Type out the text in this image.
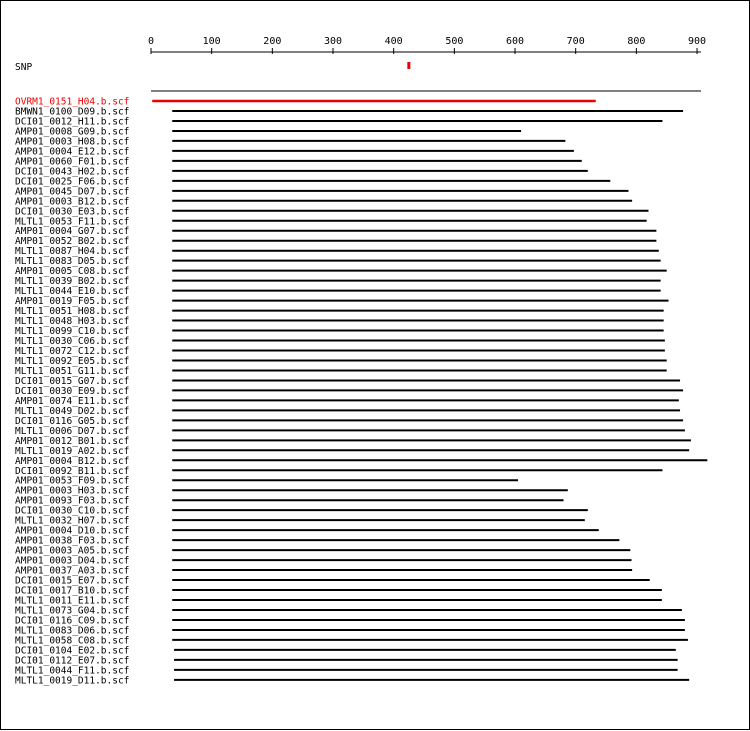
0	100	200	300	400	500	600	700	800	900
SNP
OVRM1_0151_H04.b.scf
BMWN1_0100_D09.b.scf
DCI01_0012_H11.b.scf
AMP01_0008_G09.b.scf
AMP01_0003_H08.b.scf
AMP01_0004_E12.b.scf
AMP01_0060_F01.b.scf
DCI01_0043_H02.b.scf
DCI01_0025_F06.b.scf
AMP01_0045_D07.b.scf
AMP01_0003_B12.b.scf
DCI01_0030_E03.b.scf
MLTL1_0053_F11.b.scf
AMP01_0004_G07.b.scf
AMP01_0052_B02.b.scf
MLTL1_0087_H04.b.scf
MLTL1_0083_D05.b.scf
AMP01_0005_C08.b.scf
MLTL1_0039_B02.b.scf
MLTL1_0044_E10.b.scf
AMP01_0019_F05.b.scf
MLTL1_0051_H08.b.scf
MLTL1_0048_H03.b.scf
MLTL1_0099_C10.b.scf
MLTL1_0030_C06.b.scf
MLTL1_0072_C12.b.scf
MLTL1_0092_E05.b.scf
MLTL1_0051_G11.b.scf
DCI01_0015_G07.b.scf
DCI01_0030_E09.b.scf
AMP01_0074_E11.b.scf
MLTL1_0049_D02.b.scf
DCI01_0116_G05.b.scf
MLTL1_0006_D07.b.scf
AMP01_0012_B01.b.scf
MLTL1_0019_A02.b.scf
AMP01_0004_B12.b.scf
DCI01_0092_B11.b.scf
AMP01_0053_F09.b.scf
AMP01_0003_H03.b.scf
AMP01_0093_F03.b.scf
DCI01_0030_C10.b.scf
MLTL1_0032_H07.b.scf
AMP01_0004_D10.b.scf
AMP01_0038_F03.b.scf
AMP01_0003_A05.b.scf
AMP01_0003_D04.b.scf
AMP01_0037_A03.b.scf
DCI01_0015_E07.b.scf
DCI01_0017_B10.b.scf
MLTL1_0011_E11.b.scf
MLTL1_0073_G04.b.scf
DCI01_0116_C09.b.scf
MLTL1_0083_D06.b.scf
MLTL1_0058_C08.b.scf
DCI01_0104_E02.b.scf
DCI01_0112_E07.b.scf
MLTL1_0044_F11.b.scf
MLTL1_0019_D11.b.scf
